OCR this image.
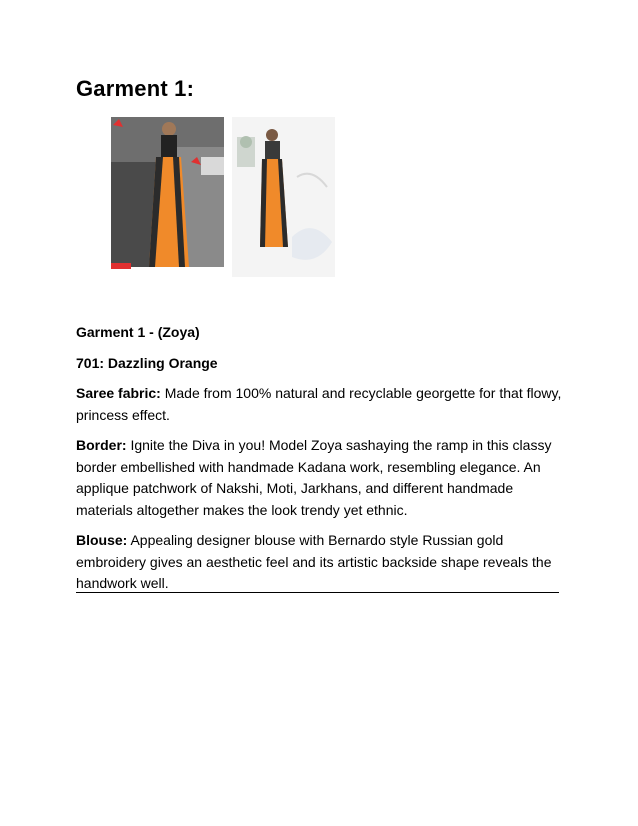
Garment 1:
Garment 1 - (Zoya)
701: Dazzling Orange
Saree fabric: Made from 100% natural and recyclable georgette for that flowy, princess effect.
Border: Ignite the Diva in you! Model Zoya sashaying the ramp in this classy border embellished with handmade Kadana work, resembling elegance. An applique patchwork of Nakshi, Moti, Jarkhans, and different handmade materials altogether makes the look trendy yet ethnic.
Blouse: Appealing designer blouse with Bernardo style Russian gold embroidery gives an aesthetic feel and its artistic backside shape reveals the handwork well.
